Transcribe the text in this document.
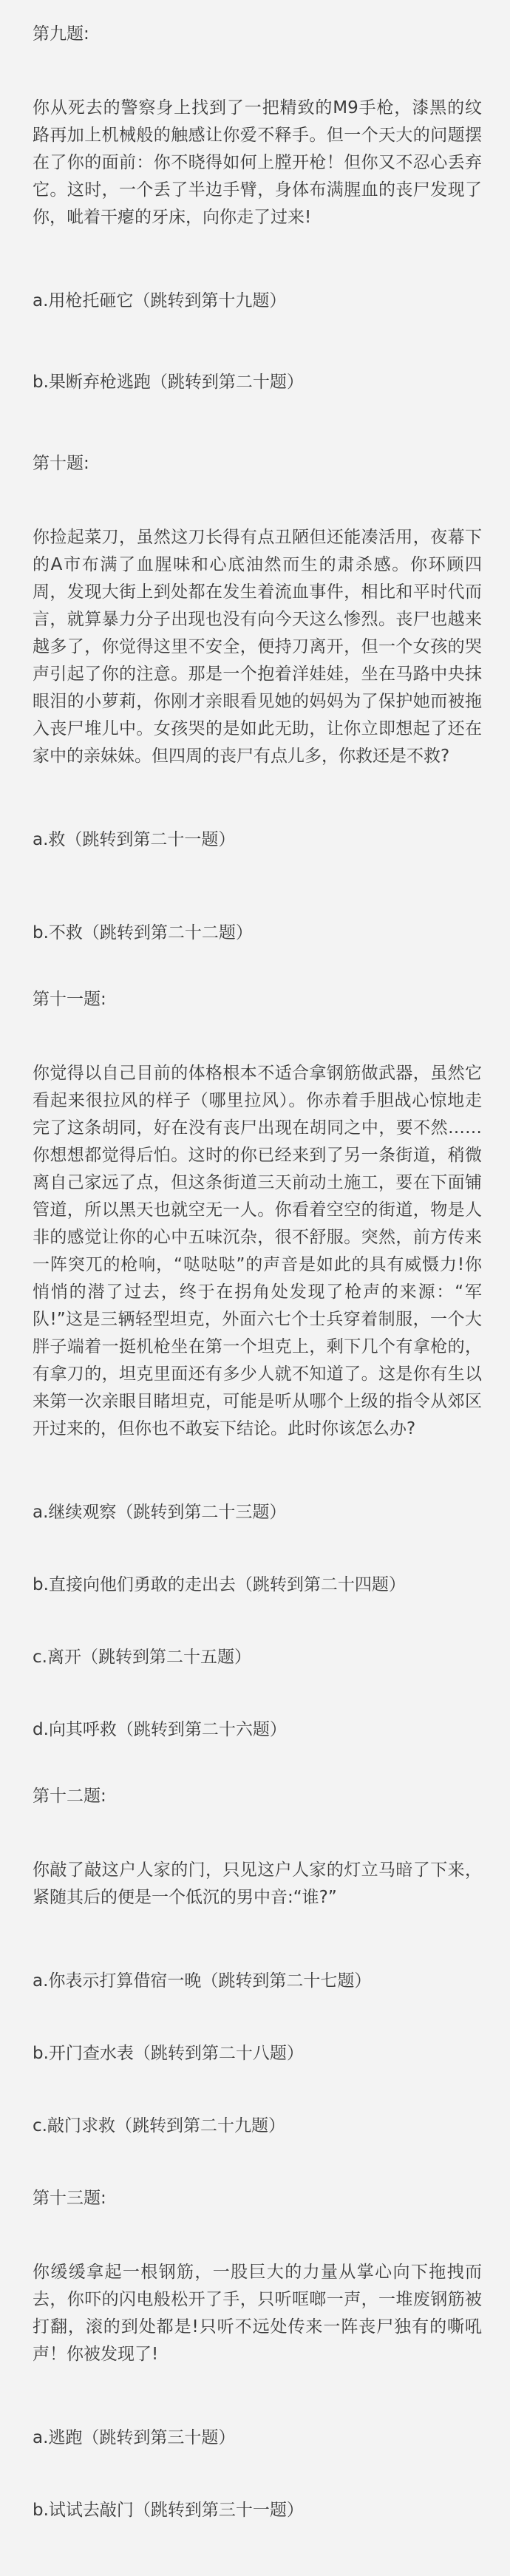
第九题:

你从死去的警察身上找到了一把精致的M9手枪，漆黑的纹路再加上机械般的触感让你爱不释手。但一个天大的问题摆在了你的面前：你不晓得如何上膛开枪！但你又不忍心丢弃它。这时，一个丢了半边手臂，身体布满腥血的丧尸发现了你，呲着干瘪的牙床，向你走了过来!

a.用枪托砸它（跳转到第十九题）

b.果断弃枪逃跑（跳转到第二十题）

第十题:

你捡起菜刀，虽然这刀长得有点丑陋但还能凑活用，夜幕下的A市布满了血腥味和心底油然而生的肃杀感。你环顾四周，发现大街上到处都在发生着流血事件，相比和平时代而言，就算暴力分子出现也没有向今天这么惨烈。丧尸也越来越多了，你觉得这里不安全，便持刀离开，但一个女孩的哭声引起了你的注意。那是一个抱着洋娃娃，坐在马路中央抹眼泪的小萝莉，你刚才亲眼看见她的妈妈为了保护她而被拖入丧尸堆儿中。女孩哭的是如此无助，让你立即想起了还在家中的亲妹妹。但四周的丧尸有点儿多，你救还是不救?

a.救（跳转到第二十一题）

b.不救（跳转到第二十二题）

第十一题:

你觉得以自己目前的体格根本不适合拿钢筋做武器，虽然它看起来很拉风的样子（哪里拉风）。你赤着手胆战心惊地走完了这条胡同，好在没有丧尸出现在胡同之中，要不然……你想想都觉得后怕。这时的你已经来到了另一条街道，稍微离自己家远了点，但这条街道三天前动土施工，要在下面铺管道，所以黑天也就空无一人。你看着空空的街道，物是人非的感觉让你的心中五味沉杂，很不舒服。突然，前方传来一阵突兀的枪响，“哒哒哒”的声音是如此的具有威慑力!你悄悄的潜了过去，终于在拐角处发现了枪声的来源：“军队!”这是三辆轻型坦克，外面六七个士兵穿着制服，一个大胖子端着一挺机枪坐在第一个坦克上，剩下几个有拿枪的，有拿刀的，坦克里面还有多少人就不知道了。这是你有生以来第一次亲眼目睹坦克，可能是听从哪个上级的指令从郊区开过来的，但你也不敢妄下结论。此时你该怎么办?

a.继续观察（跳转到第二十三题）

b.直接向他们勇敢的走出去（跳转到第二十四题）

c.离开（跳转到第二十五题）

d.向其呼救（跳转到第二十六题）

第十二题:

你敲了敲这户人家的门，只见这户人家的灯立马暗了下来，紧随其后的便是一个低沉的男中音:“谁?”

a.你表示打算借宿一晚（跳转到第二十七题）

b.开门查水表（跳转到第二十八题）

c.敲门求救（跳转到第二十九题）

第十三题:

你缓缓拿起一根钢筋，一股巨大的力量从掌心向下拖拽而去，你吓的闪电般松开了手，只听哐啷一声，一堆废钢筋被打翻，滚的到处都是!只听不远处传来一阵丧尸独有的嘶吼声！你被发现了!

a.逃跑（跳转到第三十题）

b.试试去敲门（跳转到第三十一题）
